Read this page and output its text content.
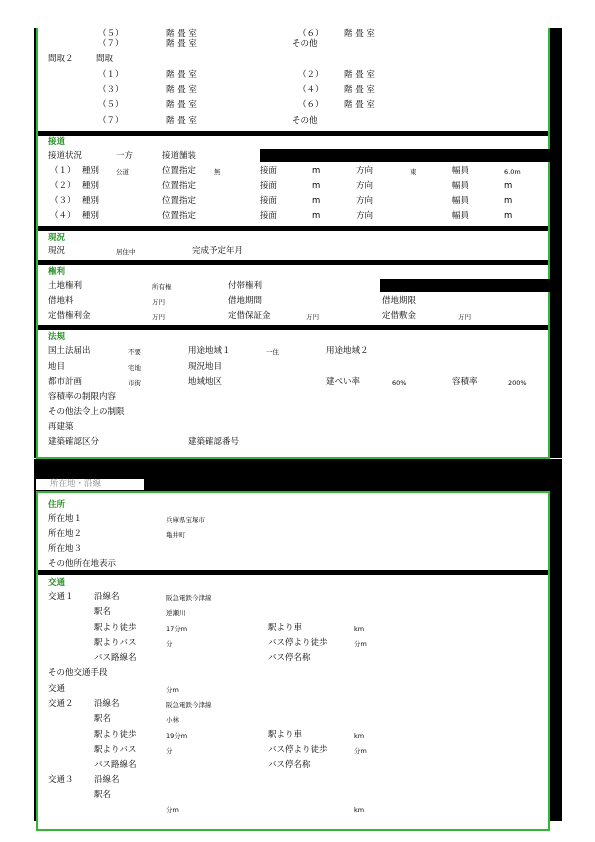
所在地・沿線
（５）	階 畳 室	（６） 階 畳 室
（７）	階 畳 室	その他
間取２	間取
（１）	階 畳 室	（２） 階 畳 室
（３）	階 畳 室	（４） 階 畳 室
（５）	階 畳 室	（６） 階 畳 室
（７）	階 畳 室	その他
接道
接道状況	一方	接道舗装
（１） 種別	公道	位置指定	無	接面	m	方向	東	幅員	6.0m
（２） 種別	位置指定	接面	m	方向	幅員	m
（３） 種別	位置指定	接面	m	方向	幅員	m
（４） 種別	位置指定	接面	m	方向	幅員	m
現況
現況	居住中	完成予定年月
権利
土地権利	所有権	付帯権利
借地料	万円	借地期間	借地期限
定借権利金	万円	定借保証金	万円	定借敷金	万円
法規
国土法届出	不要	用途地域１	一住	用途地域２
地目	宅地	現況地目
都市計画	市街	地域地区	建ぺい率	60%	容積率	200%
容積率の制限内容
その他法令上の制限
再建築
建築確認区分	建築確認番号
住所
所在地１	兵庫県宝塚市
所在地２	亀井町
所在地３
その他所在地表示
交通
交通１ 沿線名	阪急電鉄今津線
駅名	逆瀬川
駅より徒歩	17分m	駅より車	km
駅よりバス	分	バス停より徒歩	分m
バス路線名	バス停名称
その他交通手段
交通	分m
交通２ 沿線名	阪急電鉄今津線
駅名	小林
駅より徒歩	19分m	駅より車	km
駅よりバス	分	バス停より徒歩	分m
バス路線名	バス停名称
交通３ 沿線名
駅名
分m	km
